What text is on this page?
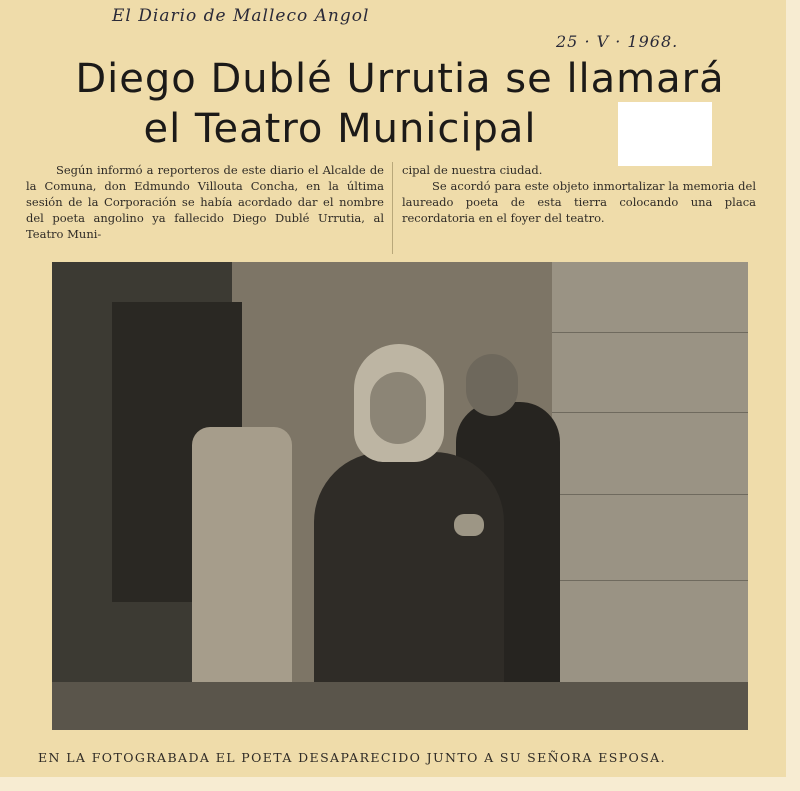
El Diario de Malleco Angol
25 · V · 1968.
Diego Dublé Urrutia se llamará
el Teatro Municipal

Según informó a reporteros de este diario el Alcalde de la Comuna, don Edmundo Villouta Concha, en la última sesión de la Corporación se había acordado dar el nombre del poeta angolino ya fallecido Diego Dublé Urrutia, al Teatro Muni-

cipal de nuestra ciudad.

Se acordó para este objeto inmortalizar la memoria del laureado poeta de esta tierra colocando una placa recordatoria en el foyer del teatro.

EN LA FOTOGRABADA EL POETA DESAPARECIDO JUNTO A SU SEÑORA ESPOSA.
